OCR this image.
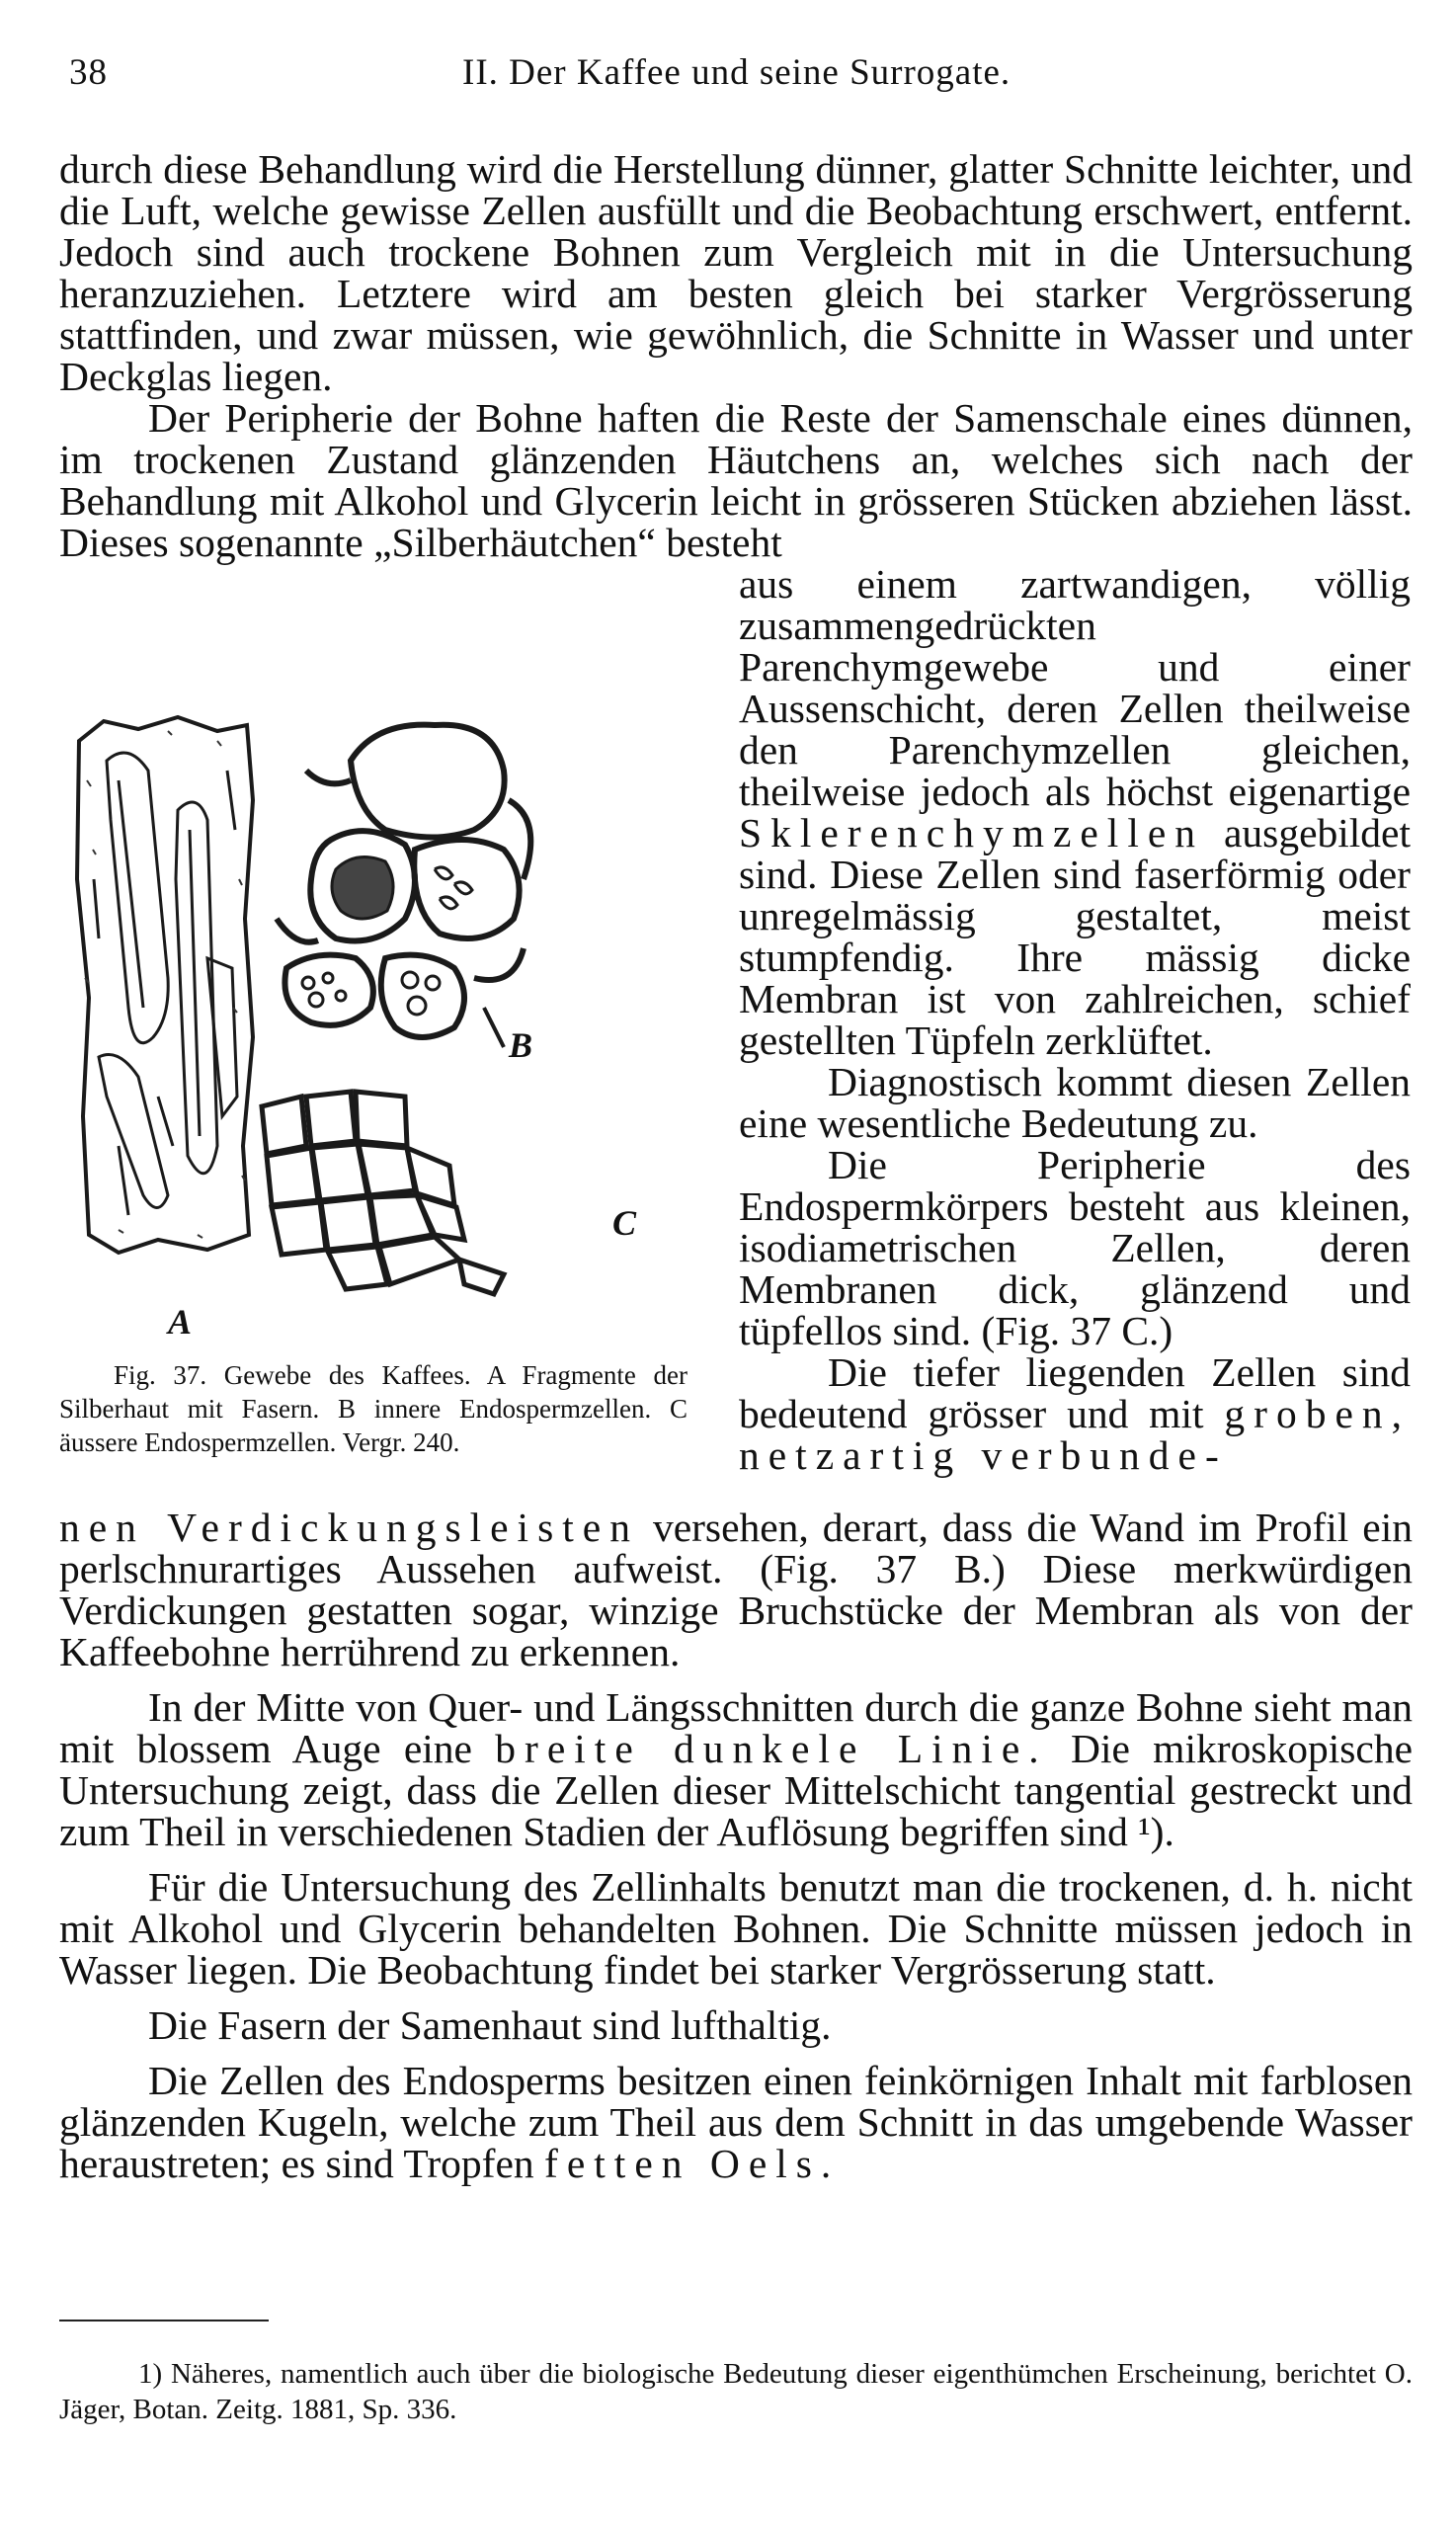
38	II. Der Kaffee und seine Surrogate.

durch diese Behandlung wird die Herstellung dünner, glatter Schnitte leichter, und die Luft, welche gewisse Zellen ausfüllt und die Beobachtung erschwert, entfernt. Jedoch sind auch trockene Bohnen zum Vergleich mit in die Untersuchung heranzuziehen. Letztere wird am besten gleich bei starker Vergrösserung stattfinden, und zwar müssen, wie gewöhnlich, die Schnitte in Wasser und unter Deckglas liegen.

Der Peripherie der Bohne haften die Reste der Samenschale eines dünnen, im trockenen Zustand glänzenden Häutchens an, welches sich nach der Behandlung mit Alkohol und Glycerin leicht in grösseren Stücken abziehen lässt. Dieses sogenannte „Silberhäutchen“ besteht

aus einem zartwandigen, völlig zusammengedrückten Parenchymgewebe und einer Aussenschicht, deren Zellen theilweise den Parenchymzellen gleichen, theilweise jedoch als höchst eigenartige Sklerenchymzellen ausgebildet sind. Diese Zellen sind faserförmig oder unregelmässig gestaltet, meist stumpfendig. Ihre mässig dicke Membran ist von zahlreichen, schief gestellten Tüpfeln zerklüftet.

Diagnostisch kommt diesen Zellen eine wesentliche Bedeutung zu.

Die Peripherie des Endospermkörpers besteht aus kleinen, isodiametrischen Zellen, deren Membranen dick, glänzend und tüpfellos sind. (Fig. 37 C.)

Die tiefer liegenden Zellen sind bedeutend grösser und mit groben, netzartig verbunde-

A
B
C

Fig. 37. Gewebe des Kaffees. A Fragmente der Silberhaut mit Fasern. B innere Endospermzellen. C äussere Endospermzellen. Vergr. 240.

nen Verdickungsleisten versehen, derart, dass die Wand im Profil ein perlschnurartiges Aussehen aufweist. (Fig. 37 B.) Diese merkwürdigen Verdickungen gestatten sogar, winzige Bruchstücke der Membran als von der Kaffeebohne herrührend zu erkennen.

In der Mitte von Quer- und Längsschnitten durch die ganze Bohne sieht man mit blossem Auge eine breite dunkele Linie. Die mikroskopische Untersuchung zeigt, dass die Zellen dieser Mittelschicht tangential gestreckt und zum Theil in verschiedenen Stadien der Auflösung begriffen sind ¹).

Für die Untersuchung des Zellinhalts benutzt man die trockenen, d. h. nicht mit Alkohol und Glycerin behandelten Bohnen. Die Schnitte müssen jedoch in Wasser liegen. Die Beobachtung findet bei starker Vergrösserung statt.

Die Fasern der Samenhaut sind lufthaltig.

Die Zellen des Endosperms besitzen einen feinkörnigen Inhalt mit farblosen glänzenden Kugeln, welche zum Theil aus dem Schnitt in das umgebende Wasser heraustreten; es sind Tropfen fetten Oels.

1) Näheres, namentlich auch über die biologische Bedeutung dieser eigenthümchen Erscheinung, berichtet O. Jäger, Botan. Zeitg. 1881, Sp. 336.
